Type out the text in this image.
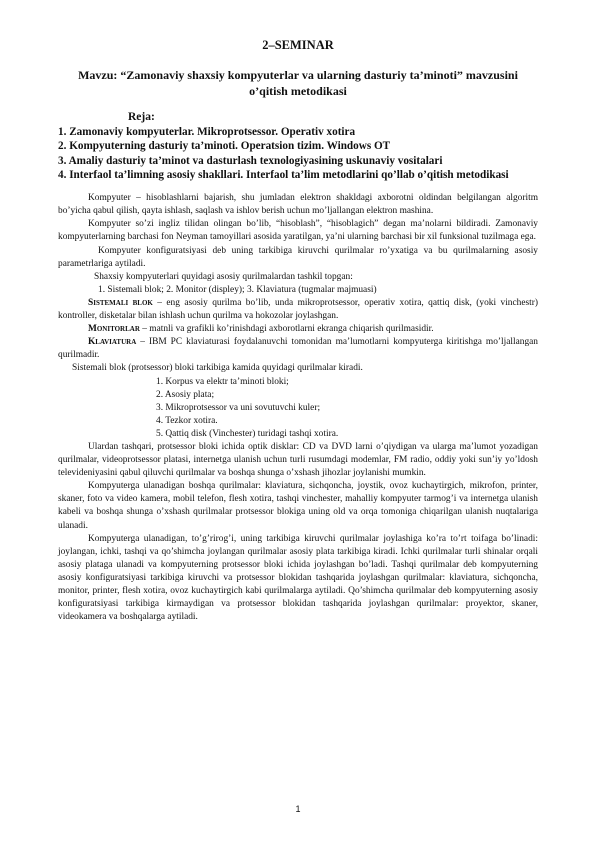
2–SEMINAR
Mavzu: “Zamonaviy shaxsiy kompyuterlar va ularning dasturiy ta’minoti” mavzusini o’qitish metodikasi
Reja:
1. Zamonaviy kompyuterlar. Mikroprotsessor. Operativ xotira
2. Kompyuterning dasturiy ta’minoti. Operatsion tizim. Windows OT
3. Amaliy dasturiy ta’minot va dasturlash texnologiyasining uskunaviy vositalari
4. Interfaol ta’limning asosiy shakllari. Interfaol ta’lim metodlarini qo’llab o’qitish metodikasi

Kompyuter – hisoblashlarni bajarish, shu jumladan elektron shakldagi axborotni oldindan belgilangan algoritm bo’yicha qabul qilish, qayta ishlash, saqlash va ishlov berish uchun mo’ljallangan elektron mashina.

Kompyuter so’zi ingliz tilidan olingan bo’lib, “hisoblash”, “hisoblagich” degan ma’nolarni bildiradi. Zamonaviy kompyuterlarning barchasi fon Neyman tamoyillari asosida yaratilgan, ya’ni ularning barchasi bir xil funksional tuzilmaga ega.

Kompyuter konfiguratsiyasi deb uning tarkibiga kiruvchi qurilmalar ro’yxatiga va bu qurilmalarning asosiy parametrlariga aytiladi.

Shaxsiy kompyuterlari quyidagi asosiy qurilmalardan tashkil topgan:

1. Sistemali blok; 2. Monitor (displey); 3. Klaviatura (tugmalar majmuasi)

Sistemali blok – eng asosiy qurilma bo’lib, unda mikroprotsessor, operativ xotira, qattiq disk, (yoki vinchestr) kontroller, disketalar bilan ishlash uchun qurilma va hokozolar joylashgan.

Monitorlar – matnli va grafikli ko’rinishdagi axborotlarni ekranga chiqarish qurilmasidir.

Klaviatura – IBM PC klaviaturasi foydalanuvchi tomonidan ma’lumotlarni kompyuterga kiritishga mo’ljallangan qurilmadir.

Sistemali blok (protsessor) bloki tarkibiga kamida quyidagi qurilmalar kiradi.

1. Korpus va elektr ta’minoti bloki;
2. Asosiy plata;
3. Mikroprotsessor va uni sovutuvchi kuler;
4. Tezkor xotira.
5. Qattiq disk (Vinchester) turidagi tashqi xotira.

Ulardan tashqari, protsessor bloki ichida optik disklar: CD va DVD larni o’qiydigan va ularga ma’lumot yozadigan qurilmalar, videoprotsessor platasi, internetga ulanish uchun turli rusumdagi modemlar, FM radio, oddiy yoki sun’iy yo’ldosh televideniyasini qabul qiluvchi qurilmalar va boshqa shunga o’xshash jihozlar joylanishi mumkin.

Kompyuterga ulanadigan boshqa qurilmalar: klaviatura, sichqoncha, joystik, ovoz kuchaytirgich, mikrofon, printer, skaner, foto va video kamera, mobil telefon, flesh xotira, tashqi vinchester, mahalliy kompyuter tarmog’i va internetga ulanish kabeli va boshqa shunga o’xshash qurilmalar protsessor blokiga uning old va orqa tomoniga chiqarilgan ulanish nuqtalariga ulanadi.

Kompyuterga ulanadigan, to’g’rirog’i, uning tarkibiga kiruvchi qurilmalar joylashiga ko’ra to’rt toifaga bo’linadi: joylangan, ichki, tashqi va qo’shimcha joylangan qurilmalar asosiy plata tarkibiga kiradi. Ichki qurilmalar turli shinalar orqali asosiy plataga ulanadi va kompyuterning protsessor bloki ichida joylashgan bo’ladi. Tashqi qurilmalar deb kompyuterning asosiy konfiguratsiyasi tarkibiga kiruvchi va protsessor blokidan tashqarida joylashgan qurilmalar: klaviatura, sichqoncha, monitor, printer, flesh xotira, ovoz kuchaytirgich kabi qurilmalarga aytiladi. Qo’shimcha qurilmalar deb kompyuterning asosiy konfiguratsiyasi tarkibiga kirmaydigan va protsessor blokidan tashqarida joylashgan qurilmalar: proyektor, skaner, videokamera va boshqalarga aytiladi.

1
